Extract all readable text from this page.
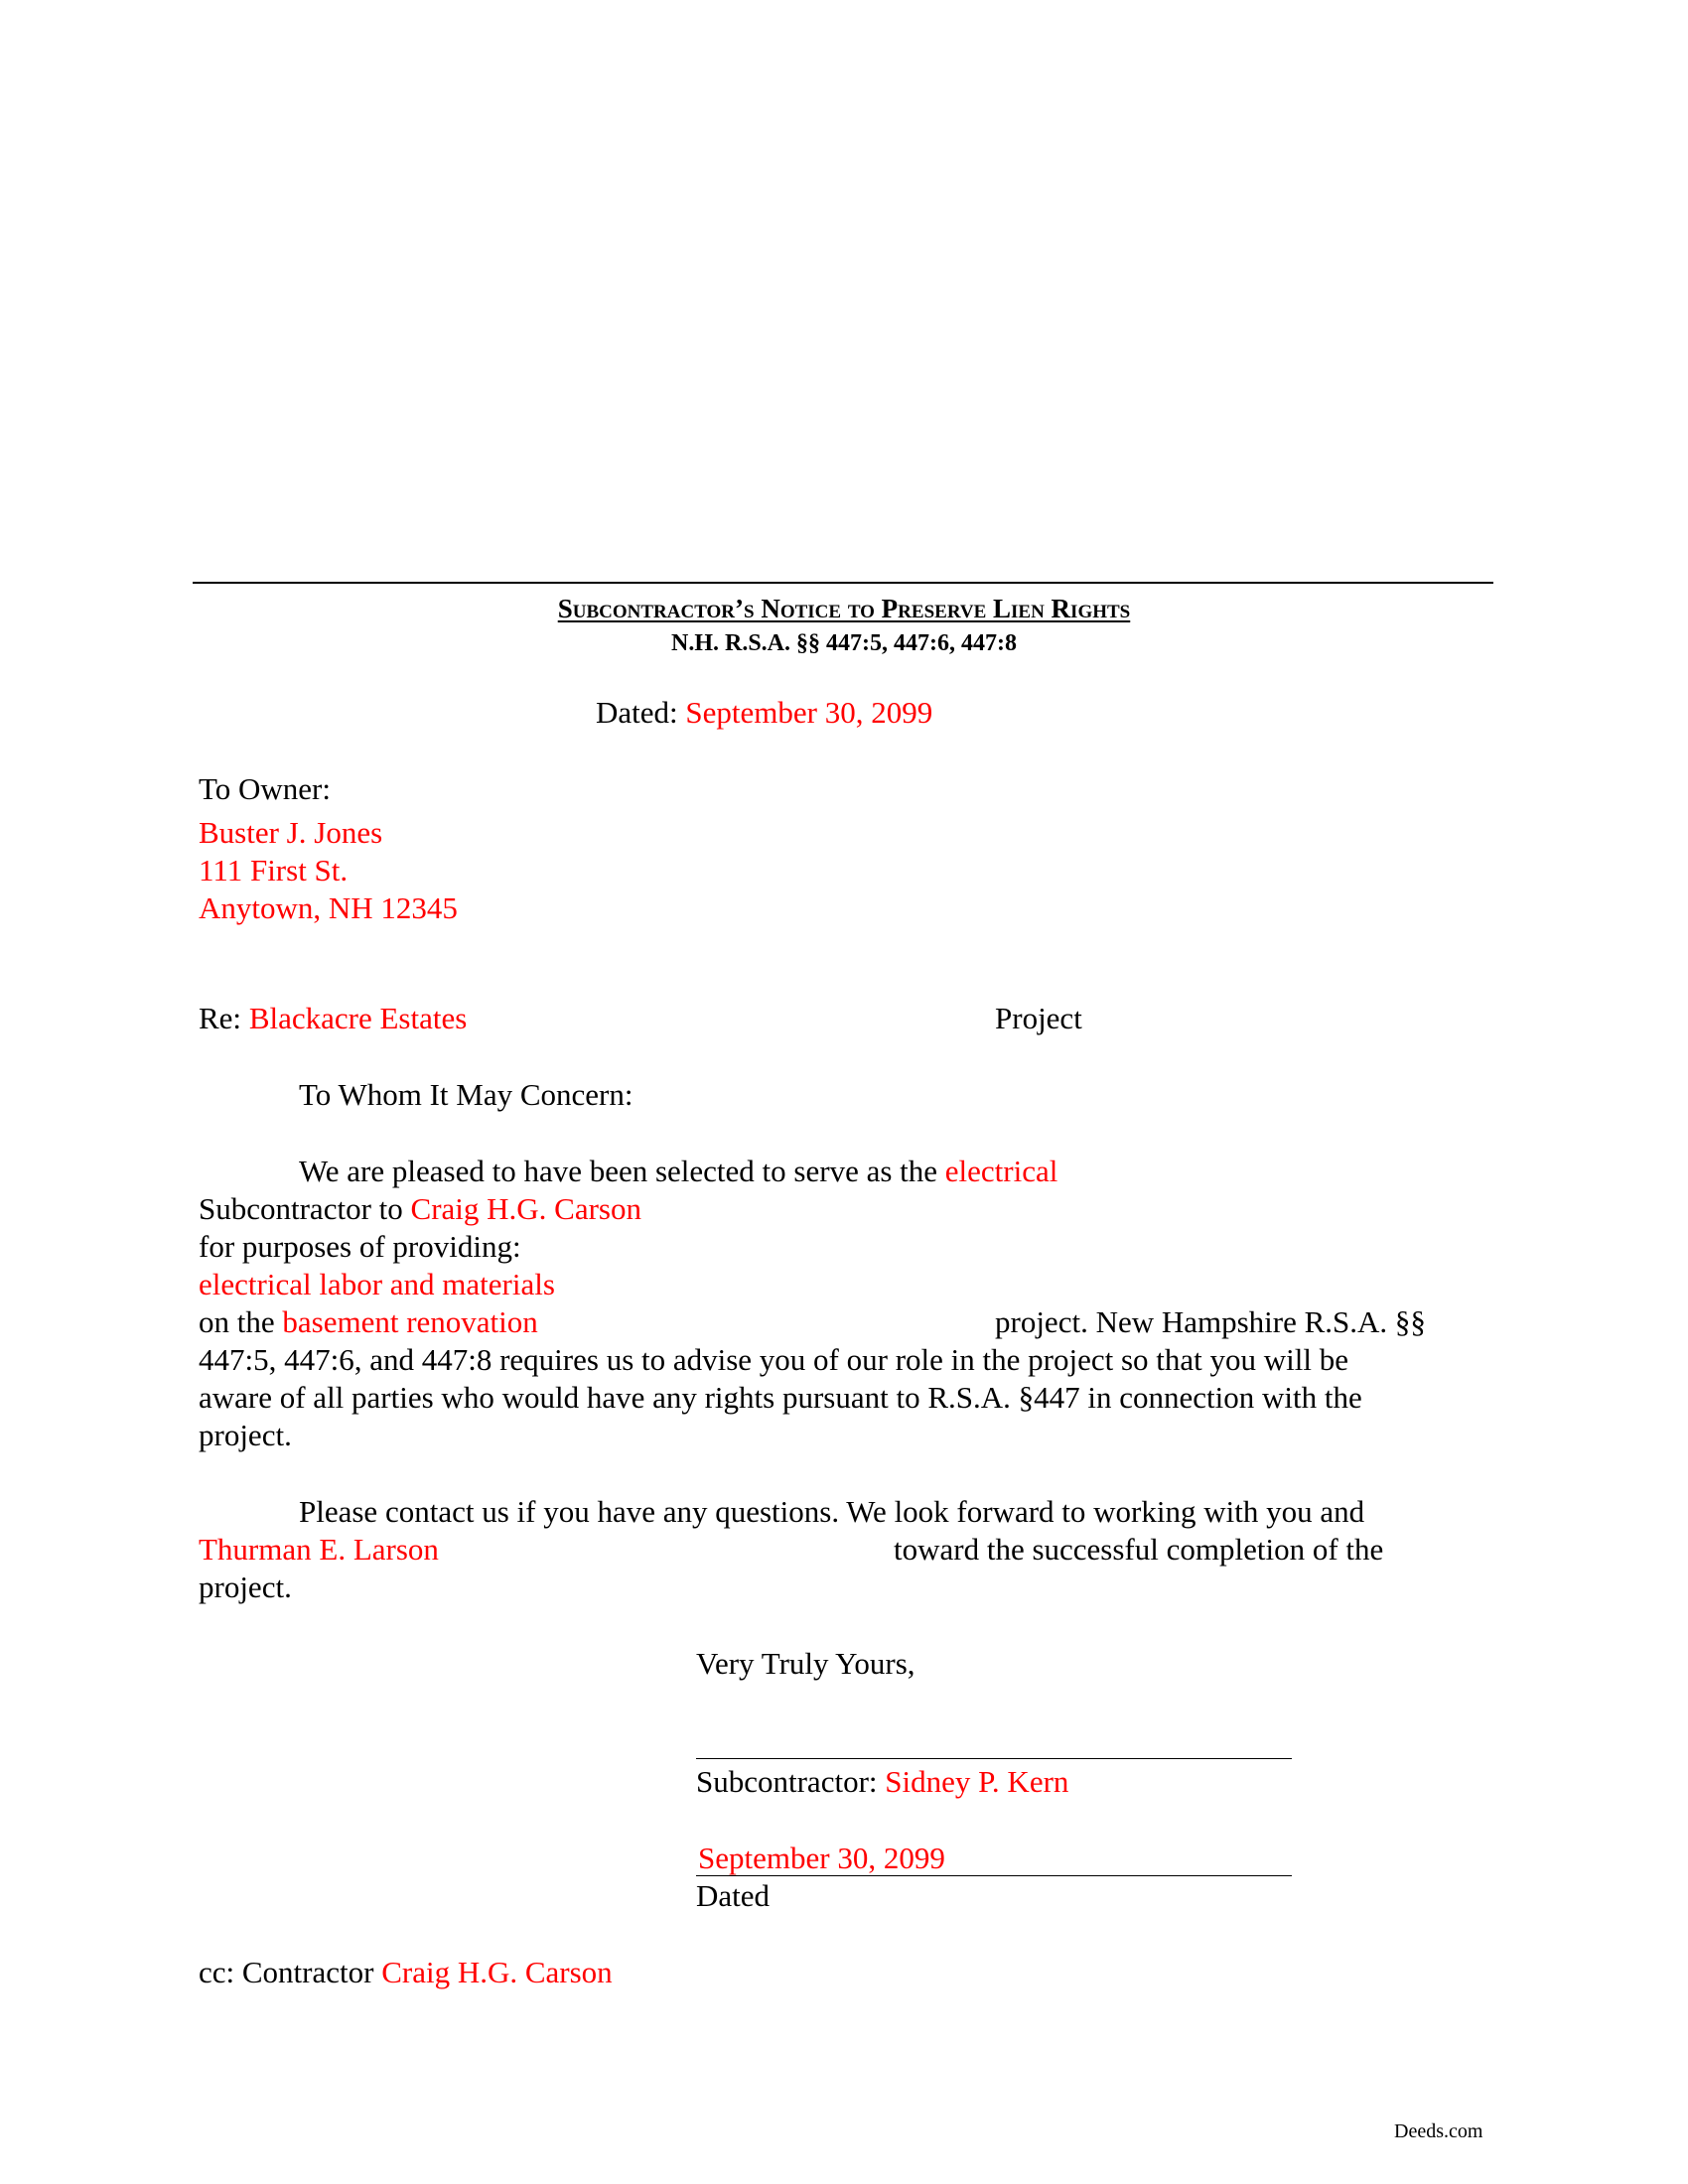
Subcontractor’s Notice to Preserve Lien Rights
N.H. R.S.A. §§ 447:5, 447:6, 447:8
Dated: September 30, 2099
To Owner:
Buster J. Jones
111 First St.
Anytown, NH 12345
Re: Blackacre Estates	Project
To Whom It May Concern:
We are pleased to have been selected to serve as the electrical
Subcontractor to Craig H.G. Carson
for purposes of providing:
electrical labor and materials
on the basement renovation	project. New Hampshire R.S.A. §§
447:5, 447:6, and 447:8 requires us to advise you of our role in the project so that you will be
aware of all parties who would have any rights pursuant to R.S.A. §447 in connection with the
project.
Please contact us if you have any questions. We look forward to working with you and
Thurman E. Larson	toward the successful completion of the
project.
Very Truly Yours,
Subcontractor: Sidney P. Kern
September 30, 2099
Dated
cc: Contractor Craig H.G. Carson
Deeds.com
